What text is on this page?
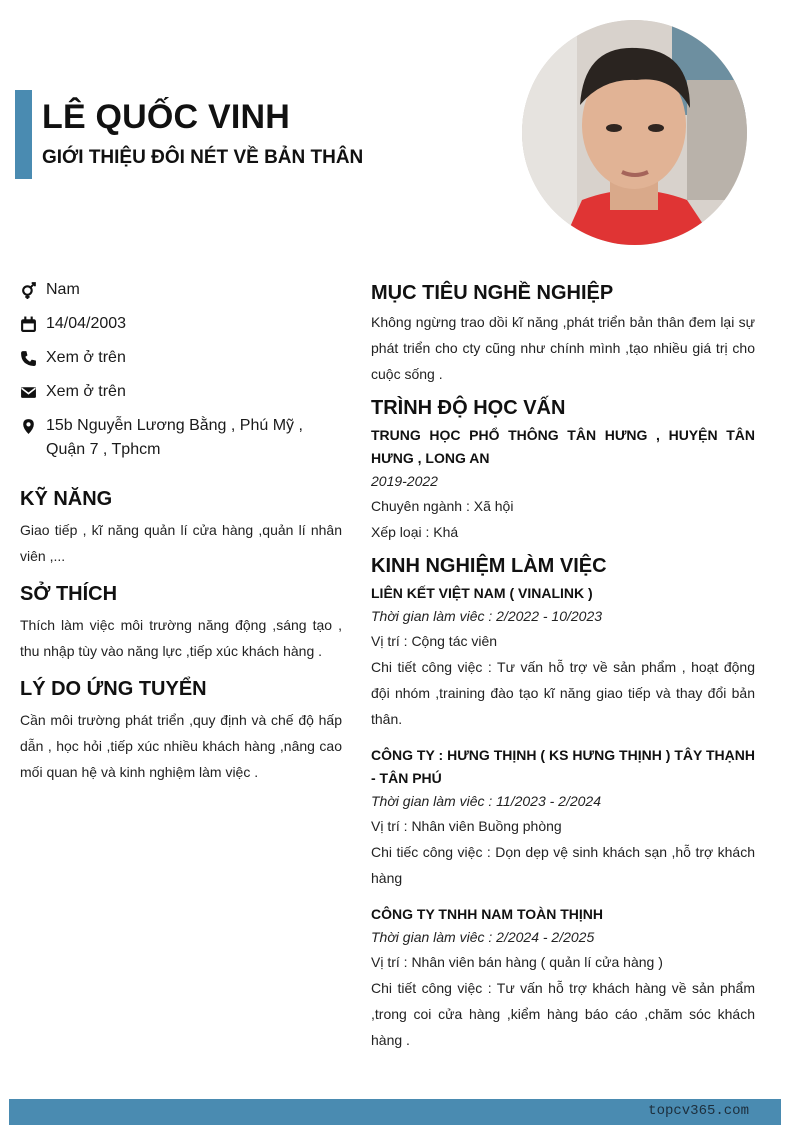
LÊ QUỐC VINH
GIỚI THIỆU ĐÔI NÉT VỀ BẢN THÂN
Nam
14/04/2003
Xem ở trên
Xem ở trên
15b Nguyễn Lương Bằng , Phú Mỹ , Quận 7 , Tphcm
KỸ NĂNG

Giao tiếp , kĩ năng quản lí cửa hàng ,quản lí nhân viên ,...

SỞ THÍCH

Thích làm việc môi trường năng động ,sáng tạo , thu nhập tùy vào năng lực ,tiếp xúc khách hàng .

LÝ DO ỨNG TUYỂN

Cần môi trường phát triển ,quy định và chế độ hấp dẫn , học hỏi ,tiếp xúc nhiều khách hàng ,nâng cao mối quan hệ và kinh nghiệm làm việc .

MỤC TIÊU NGHỀ NGHIỆP

Không ngừng trao dồi kĩ năng ,phát triển bản thân đem lại sự phát triển cho cty cũng như chính mình ,tạo nhiều giá trị cho cuộc sống .

TRÌNH ĐỘ HỌC VẤN
TRUNG HỌC PHỔ THÔNG TÂN HƯNG , HUYỆN TÂN HƯNG , LONG AN
2019-2022
Chuyên ngành : Xã hội
Xếp loại : Khá
KINH NGHIỆM LÀM VIỆC
LIÊN KẾT VIỆT NAM ( VINALINK )
Thời gian làm viêc : 2/2022 - 10/2023
Vị trí : Cộng tác viên

Chi tiết công việc : Tư vấn hỗ trợ về sản phẩm , hoạt động đội nhóm ,training đào tạo kĩ năng giao tiếp và thay đổi bản thân.

CÔNG TY : HƯNG THỊNH ( KS HƯNG THỊNH ) TÂY THẠNH - TÂN PHÚ
Thời gian làm viêc : 11/2023 - 2/2024
Vị trí : Nhân viên Buồng phòng

Chi tiếc công việc : Dọn dẹp vệ sinh khách sạn ,hỗ trợ khách hàng

CÔNG TY TNHH NAM TOÀN THỊNH
Thời gian làm viêc : 2/2024 - 2/2025
Vị trí : Nhân viên bán hàng ( quản lí cửa hàng )

Chi tiết công việc : Tư vấn hỗ trợ khách hàng về sản phẩm ,trong coi cửa hàng ,kiểm hàng báo cáo ,chăm sóc khách hàng .

topcv365.com
